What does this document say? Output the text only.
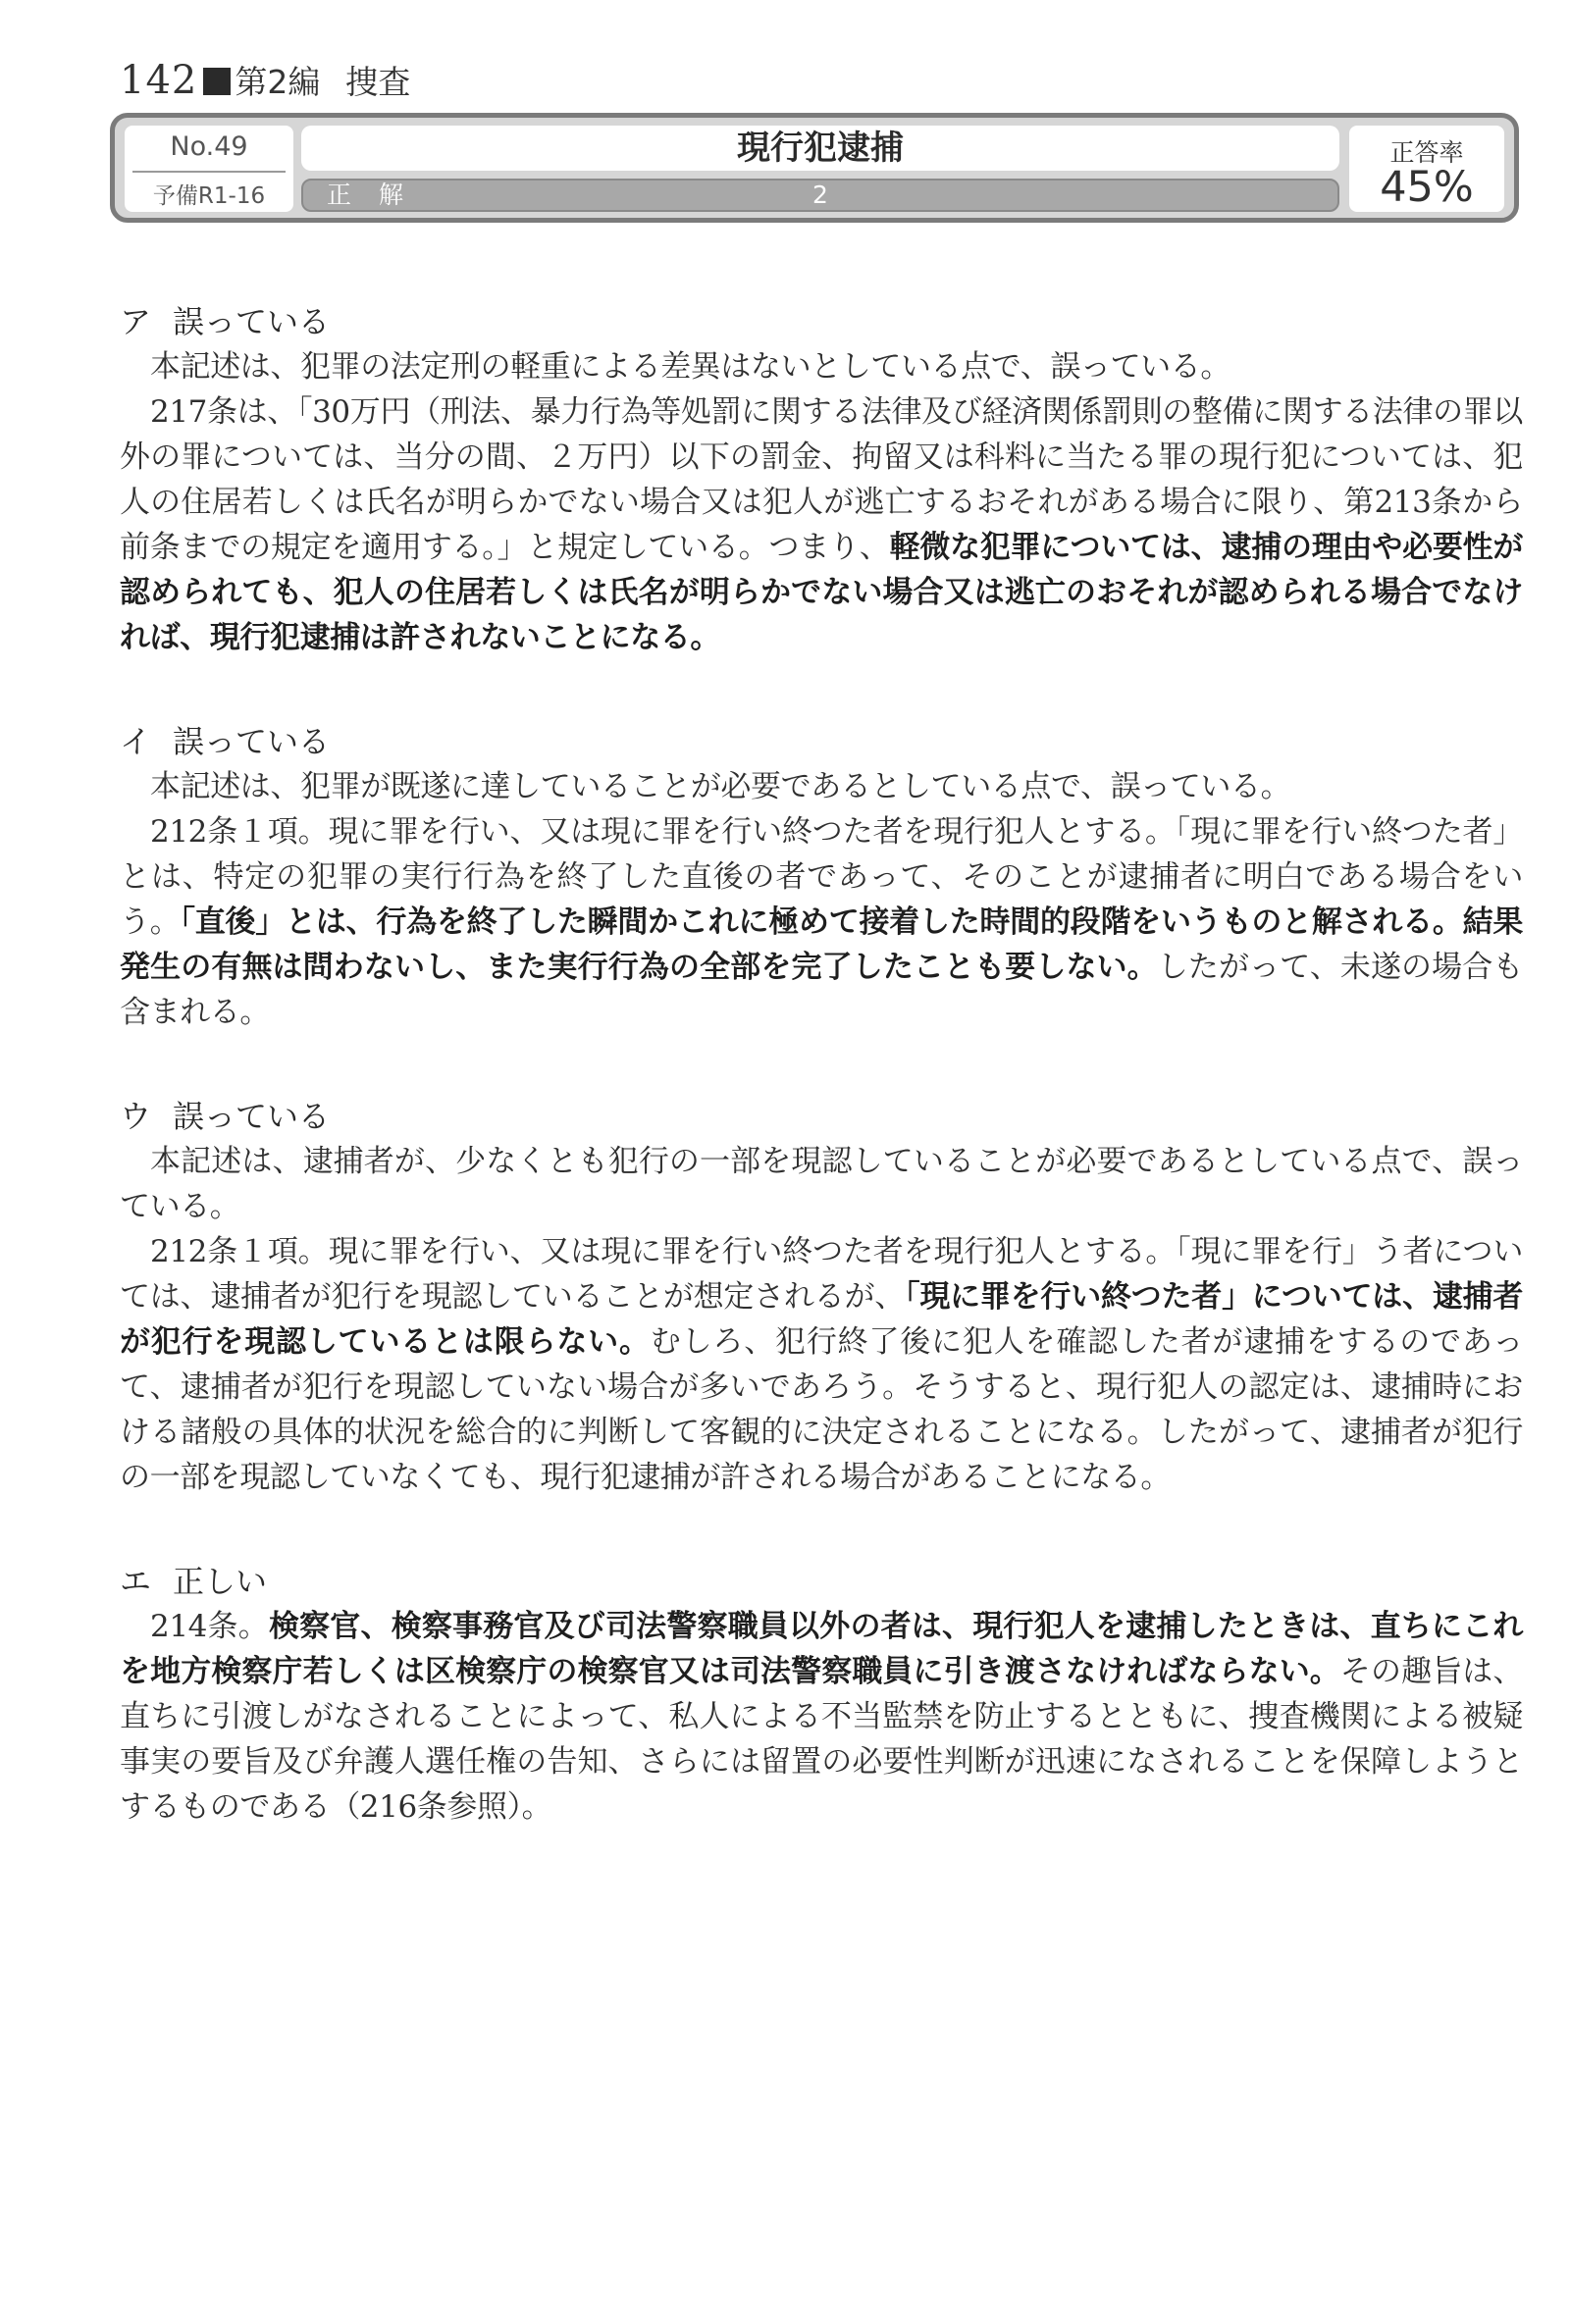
142 第2編 捜査
No.49
予備R1-16
現行犯逮捕
正 解	2
正答率
45%
ア 誤っている

本記述は、犯罪の法定刑の軽重による差異はないとしている点で、誤っている。

217条は、「30万円（刑法、暴力行為等処罰に関する法律及び経済関係罰則の整備に関する法律の罪以外の罪については、当分の間、２万円）以下の罰金、拘留又は科料に当たる罪の現行犯については、犯人の住居若しくは氏名が明らかでない場合又は犯人が逃亡するおそれがある場合に限り、第213条から前条までの規定を適用する。」と規定している。つまり、軽微な犯罪については、逮捕の理由や必要性が認められても、犯人の住居若しくは氏名が明らかでない場合又は逃亡のおそれが認められる場合でなければ、現行犯逮捕は許されないことになる。

イ 誤っている

本記述は、犯罪が既遂に達していることが必要であるとしている点で、誤っている。

212条１項。現に罪を行い、又は現に罪を行い終つた者を現行犯人とする。「現に罪を行い終つた者」とは、特定の犯罪の実行行為を終了した直後の者であって、そのことが逮捕者に明白である場合をいう。「直後」とは、行為を終了した瞬間かこれに極めて接着した時間的段階をいうものと解される。結果発生の有無は問わないし、また実行行為の全部を完了したことも要しない。したがって、未遂の場合も含まれる。

ウ 誤っている

本記述は、逮捕者が、少なくとも犯行の一部を現認していることが必要であるとしている点で、誤っている。

212条１項。現に罪を行い、又は現に罪を行い終つた者を現行犯人とする。「現に罪を行」う者については、逮捕者が犯行を現認していることが想定されるが、「現に罪を行い終つた者」については、逮捕者が犯行を現認しているとは限らない。むしろ、犯行終了後に犯人を確認した者が逮捕をするのであって、逮捕者が犯行を現認していない場合が多いであろう。そうすると、現行犯人の認定は、逮捕時における諸般の具体的状況を総合的に判断して客観的に決定されることになる。したがって、逮捕者が犯行の一部を現認していなくても、現行犯逮捕が許される場合があることになる。

エ 正しい

214条。検察官、検察事務官及び司法警察職員以外の者は、現行犯人を逮捕したときは、直ちにこれを地方検察庁若しくは区検察庁の検察官又は司法警察職員に引き渡さなければならない。その趣旨は、直ちに引渡しがなされることによって、私人による不当監禁を防止するとともに、捜査機関による被疑事実の要旨及び弁護人選任権の告知、さらには留置の必要性判断が迅速になされることを保障しようとするものである（216条参照）。
